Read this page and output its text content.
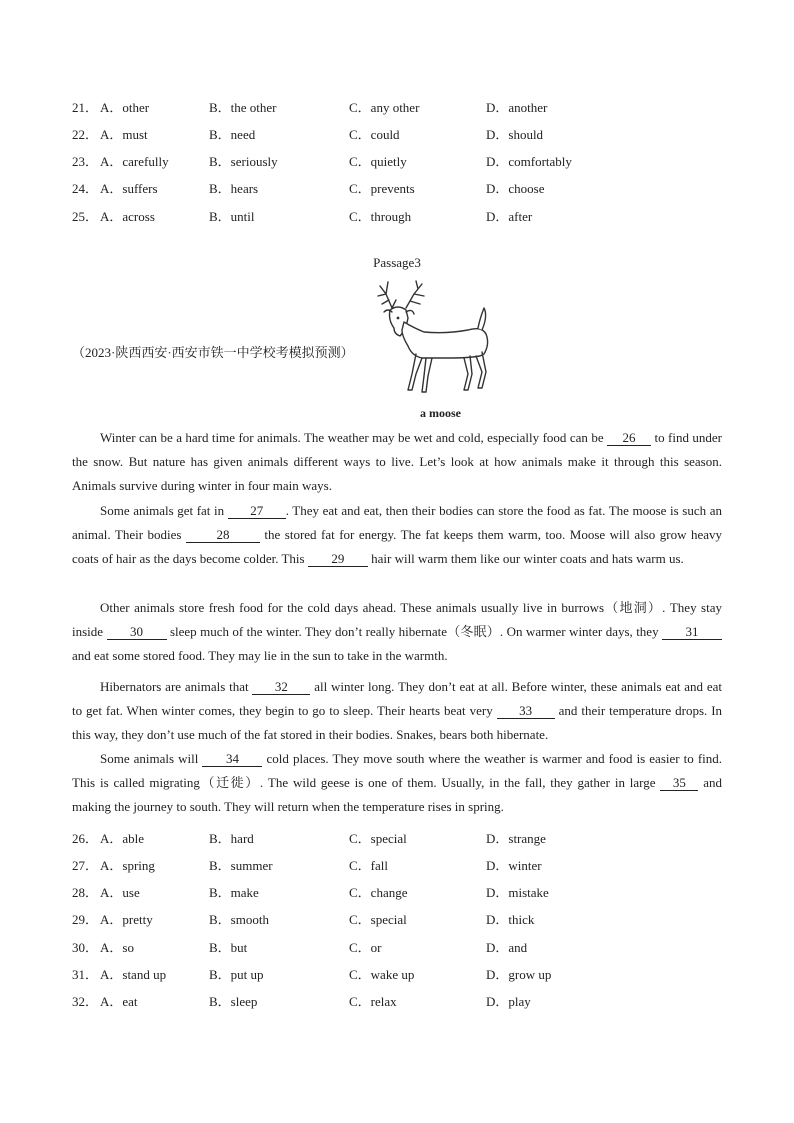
21． A．other	B．the other	C．any other	D．another
22． A．must	B．need	C．could	D．should
23． A．carefully	B．seriously	C．quietly	D．comfortably
24． A．suffers	B．hears	C．prevents	D．choose
25． A．across	B．until	C．through	D．after
Passage3
（2023·陕西西安·西安市铁一中学校考模拟预测）
a moose

Winter can be a hard time for animals. The weather may be wet and cold, especially food can be 26 to find under the snow. But nature has given animals different ways to live. Let’s look at how animals make it through this season. Animals survive during winter in four main ways.

Some animals get fat in 27 . They eat and eat, then their bodies can store the food as fat. The moose is such an animal. Their bodies	28	the stored fat for energy. The fat keeps them warm, too. Moose will also grow heavy coats of hair as the days become colder. This 29 hair will warm them like our winter coats and hats warm us.

Other animals store fresh food for the cold days ahead. These animals usually live in burrows（地洞）. They stay inside 30 sleep much of the winter. They don’t really hibernate（冬眠）. On warmer winter days, they 31 and eat some stored food. They may lie in the sun to take in the warmth.

Hibernators are animals that 32 all winter long. They don’t eat at all. Before winter, these animals eat and eat to get fat. When winter comes, they begin to go to sleep. Their hearts beat very 33 and their temperature drops. In this way, they don’t use much of the fat stored in their bodies. Snakes, bears both hibernate.

Some animals will 34 cold places. They move south where the weather is warmer and food is easier to find. This is called migrating（迁徙）. The wild geese is one of them. Usually, in the fall, they gather in large 35 and making the journey to south. They will return when the temperature rises in spring.

26． A．able	B．hard	C．special	D．strange
27． A．spring	B．summer	C．fall	D．winter
28． A．use	B．make	C．change	D．mistake
29． A．pretty	B．smooth	C．special	D．thick
30． A．so	B．but	C．or	D．and
31． A．stand up	B．put up	C．wake up	D．grow up
32． A．eat	B．sleep	C．relax	D．play
